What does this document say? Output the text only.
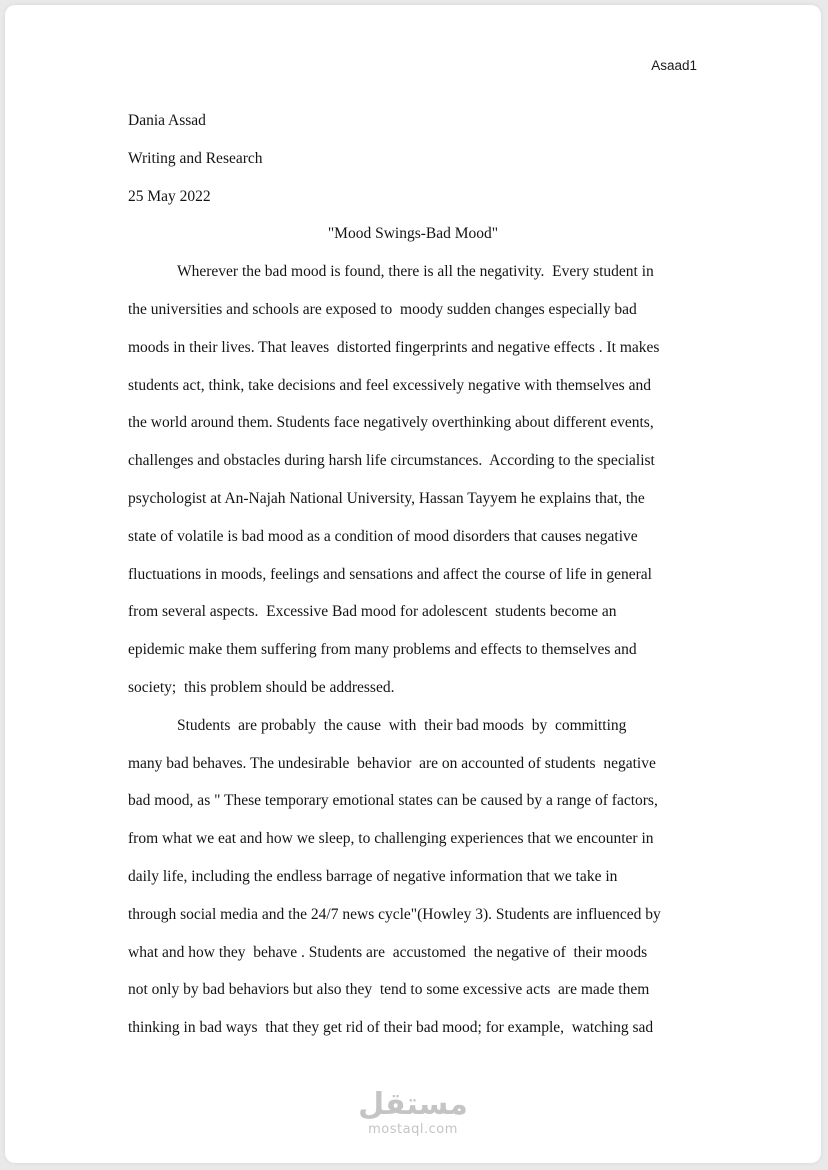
Asaad1
Dania Assad
Writing and Research
25 May 2022
"Mood Swings-Bad Mood"
Wherever the bad mood is found, there is all the negativity.  Every student in
the universities and schools are exposed to  moody sudden changes especially bad
moods in their lives. That leaves  distorted fingerprints and negative effects . It makes
students act, think, take decisions and feel excessively negative with themselves and
the world around them. Students face negatively overthinking about different events,
challenges and obstacles during harsh life circumstances.  According to the specialist
psychologist at An-Najah National University, Hassan Tayyem he explains that, the
state of volatile is bad mood as a condition of mood disorders that causes negative
fluctuations in moods, feelings and sensations and affect the course of life in general
from several aspects.  Excessive Bad mood for adolescent  students become an
epidemic make them suffering from many problems and effects to themselves and
society;  this problem should be addressed.
Students  are probably  the cause  with  their bad moods  by  committing
many bad behaves. The undesirable  behavior  are on accounted of students  negative
bad mood, as " These temporary emotional states can be caused by a range of factors,
from what we eat and how we sleep, to challenging experiences that we encounter in
daily life, including the endless barrage of negative information that we take in
through social media and the 24/7 news cycle"(Howley 3). Students are influenced by
what and how they  behave . Students are  accustomed  the negative of  their moods
not only by bad behaviors but also they  tend to some excessive acts  are made them
thinking in bad ways  that they get rid of their bad mood; for example,  watching sad
مستقل
mostaql.com
